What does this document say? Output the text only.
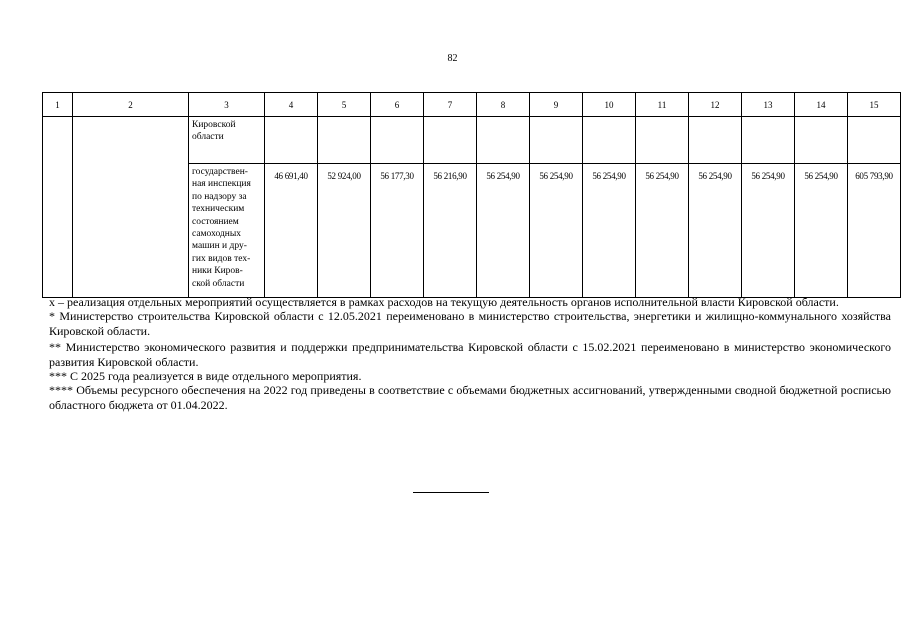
82
1	2	3	4	5	6	7	8	9	10	11	12	13	14	15
		Кировской области												
		государствен- ная инспекция по надзору за техническим состоянием самоходных машин и дру- гих видов тех- ники Киров- ской области	46 691,40	52 924,00	56 177,30	56 216,90	56 254,90	56 254,90	56 254,90	56 254,90	56 254,90	56 254,90	56 254,90	605 793,90

x – реализация отдельных мероприятий осуществляется в рамках расходов на текущую деятельность органов исполнительной власти Кировской области.

* Министерство строительства Кировской области с 12.05.2021 переименовано в министерство строительства, энергетики и жилищно-коммунального хозяйства Кировской области.

** Министерство экономического развития и поддержки предпринимательства Кировской области с 15.02.2021 переименовано в министерство экономического развития Кировской области.

*** С 2025 года реализуется в виде отдельного мероприятия.

**** Объемы ресурсного обеспечения на 2022 год приведены в соответствие с объемами бюджетных ассигнований, утвержденными сводной бюджетной росписью областного бюджета от 01.04.2022.
